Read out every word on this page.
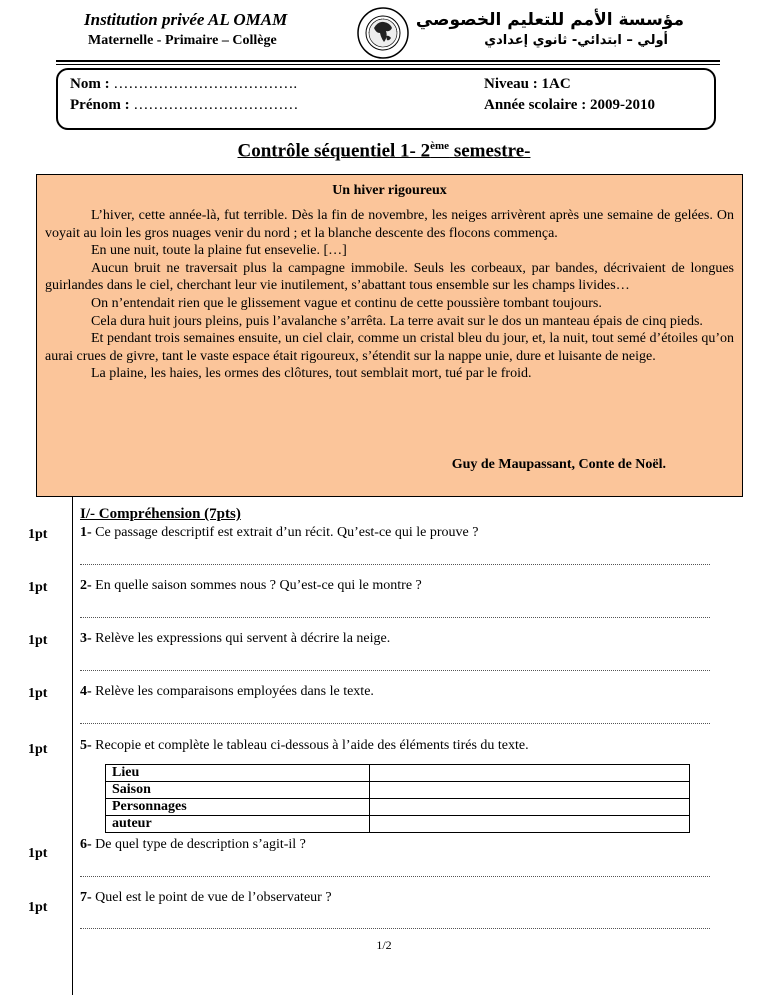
Institution privée AL OMAM
Maternelle - Primaire – Collège
مؤسسة الأمم للتعليم الخصوصي
أولي – ابتدائي- ثانوي إعدادي
Nom : ……………………………….
Prénom : ……………………………
Niveau : 1AC
Année scolaire : 2009-2010
Contrôle séquentiel 1- 2ème semestre-
Un hiver rigoureux

L’hiver, cette année-là, fut terrible. Dès la fin de novembre, les neiges arrivèrent après une semaine de gelées. On voyait au loin les gros nuages venir du nord ; et la blanche descente des flocons commença.

En une nuit, toute la plaine fut ensevelie. […]

Aucun bruit ne traversait plus la campagne immobile. Seuls les corbeaux, par bandes, décrivaient de longues guirlandes dans le ciel, cherchant leur vie inutilement, s’abattant tous ensemble sur les champs livides…

On n’entendait rien que le glissement vague et continu de cette poussière tombant toujours.

Cela dura huit jours pleins, puis l’avalanche s’arrêta. La terre avait sur le dos un manteau épais de cinq pieds.

Et pendant trois semaines ensuite, un ciel clair, comme un cristal bleu du jour, et, la nuit, tout semé d’étoiles qu’on aurai crues de givre, tant le vaste espace était rigoureux, s’étendit sur la nappe unie, dure et luisante de neige.

La plaine, les haies, les ormes des clôtures, tout semblait mort, tué par le froid.

Guy de Maupassant, Conte de Noël.
I/- Compréhension (7pts)
1pt 1- Ce passage descriptif est extrait d’un récit. Qu’est-ce qui le prouve ?
1pt 2- En quelle saison sommes nous ? Qu’est-ce qui le montre ?
1pt 3- Relève les expressions qui servent à décrire la neige.
1pt 4- Relève les comparaisons employées dans le texte.
1pt 5- Recopie et complète le tableau ci-dessous à l’aide des éléments tirés du texte.
Lieu	
Saison	
Personnages	
auteur	
1pt
6- De quel type de description s’agit-il ?
1pt
7- Quel est le point de vue de l’observateur ?
1/2
